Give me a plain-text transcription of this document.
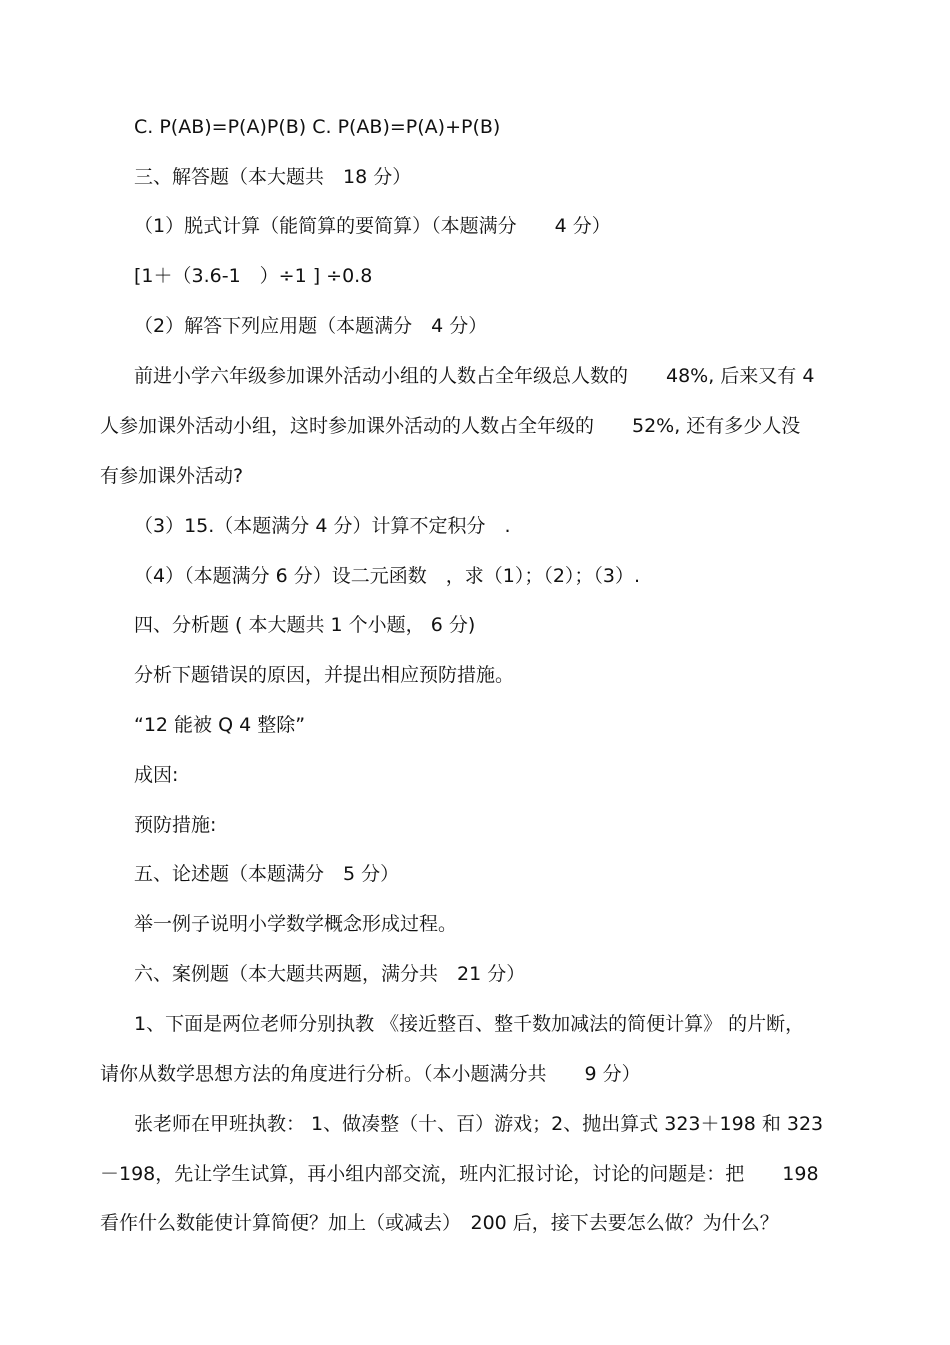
C. P(AB)=P(A)P(B) C. P(AB)=P(A)+P(B)
三、解答题（本大题共　18 分）
（1）脱式计算（能简算的要简算）（本题满分　　4 分）
[1＋（3.6-1　）÷1 ] ÷0.8
（2）解答下列应用题（本题满分　4 分）
前进小学六年级参加课外活动小组的人数占全年级总人数的　　48%, 后来又有 4
人参加课外活动小组，这时参加课外活动的人数占全年级的　　52%, 还有多少人没
有参加课外活动?
（3）15.（本题满分 4 分）计算不定积分　.
（4）（本题满分 6 分）设二元函数　，求（1）；（2）；（3）.
四、分析题 ( 本大题共 1 个小题， 6 分)
分析下题错误的原因，并提出相应预防措施。
“12 能被 Q 4 整除”
成因:
预防措施:
五、论述题（本题满分　5 分）
举一例子说明小学数学概念形成过程。
六、案例题（本大题共两题，满分共　21 分）
1、下面是两位老师分别执教 《接近整百、整千数加减法的简便计算》 的片断，
请你从数学思想方法的角度进行分析。（本小题满分共　　9 分）
张老师在甲班执教： 1、做凑整（十、百）游戏；2、抛出算式 323＋198 和 323
－198，先让学生试算，再小组内部交流，班内汇报讨论，讨论的问题是：把　　198
看作什么数能使计算简便？加上（或减去）　200 后，接下去要怎么做？为什么？
